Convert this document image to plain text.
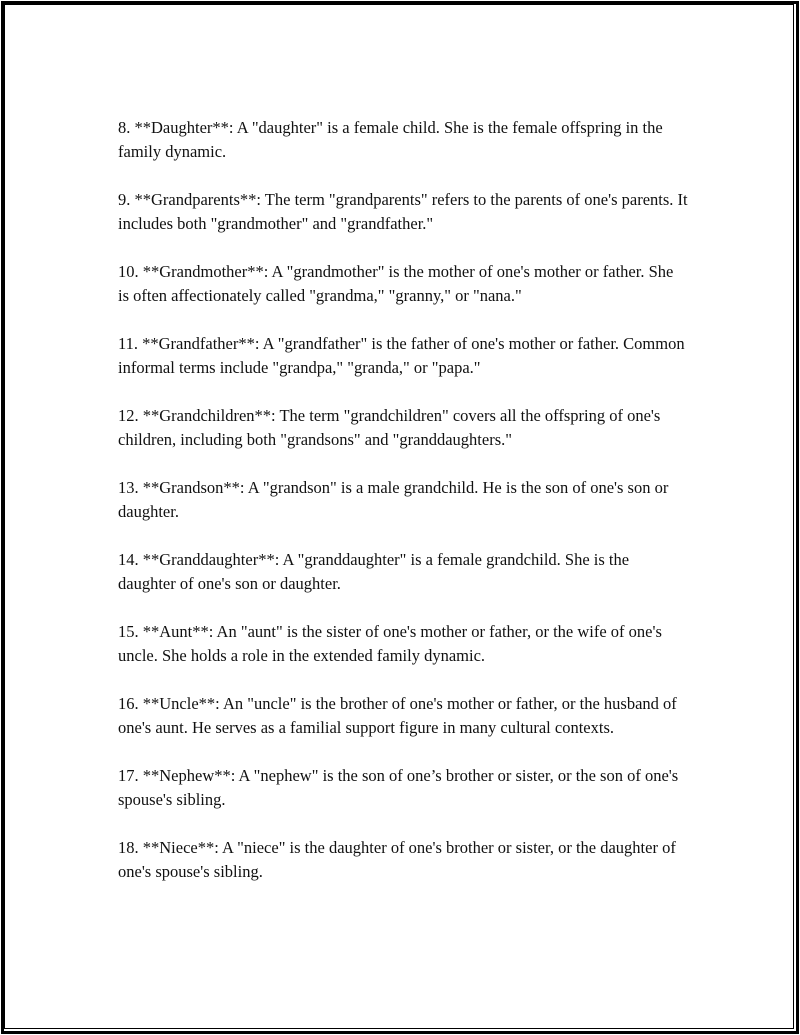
8. **Daughter**: A "daughter" is a female child. She is the female offspring in the family dynamic.

9. **Grandparents**: The term "grandparents" refers to the parents of one's parents. It includes both "grandmother" and "grandfather."

10. **Grandmother**: A "grandmother" is the mother of one's mother or father. She is often affectionately called "grandma," "granny," or "nana."

11. **Grandfather**: A "grandfather" is the father of one's mother or father. Common informal terms include "grandpa," "granda," or "papa."

12. **Grandchildren**: The term "grandchildren" covers all the offspring of one's children, including both "grandsons" and "granddaughters."

13. **Grandson**: A "grandson" is a male grandchild. He is the son of one's son or daughter.

14. **Granddaughter**: A "granddaughter" is a female grandchild. She is the daughter of one's son or daughter.

15. **Aunt**: An "aunt" is the sister of one's mother or father, or the wife of one's uncle. She holds a role in the extended family dynamic.

16. **Uncle**: An "uncle" is the brother of one's mother or father, or the husband of one's aunt. He serves as a familial support figure in many cultural contexts.

17. **Nephew**: A "nephew" is the son of one’s brother or sister, or the son of one's spouse's sibling.

18. **Niece**: A "niece" is the daughter of one's brother or sister, or the daughter of one's spouse's sibling.
